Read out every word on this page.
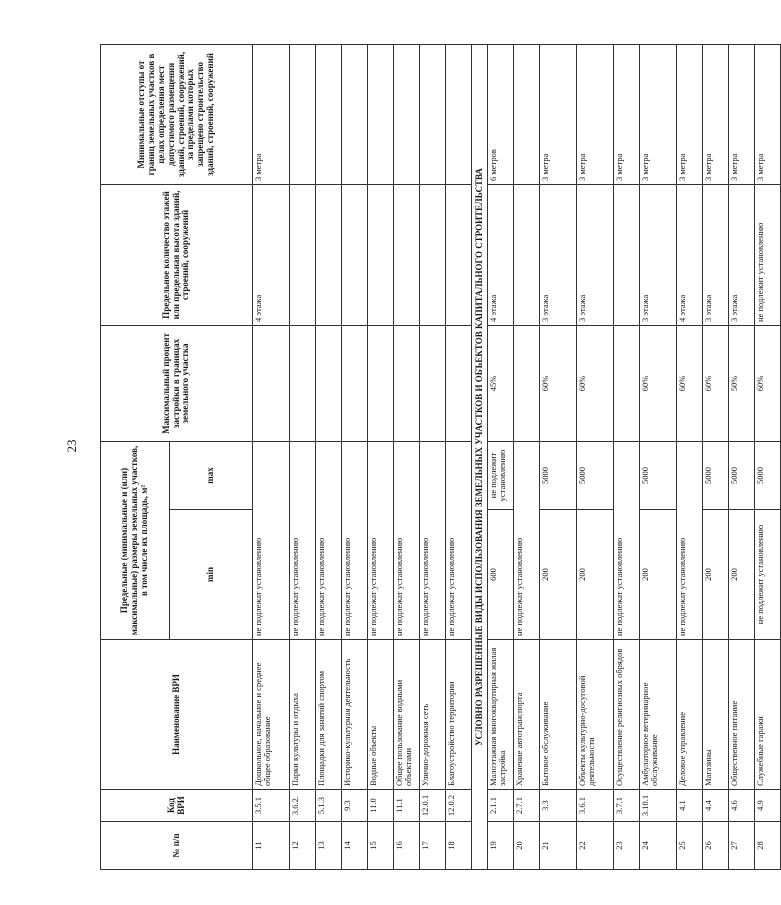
23
№ п/п	Код ВРИ	Наименование ВРИ	Предельные (минимальные и (или) максимальные) размеры земельных участков, в том числе их площадь, м²		Максимальный процент застройки в границах земельного участка	Предельное количество этажей или предельная высота зданий, строений, сооружений	Минимальные отступы от границ земельных участков в целях определения мест допустимого размещения зданий, строений, сооружений, за пределами которых запрещено строительство зданий, строений, сооружений
			min	max			
11	3.5.1	Дошкольное, начальное и среднее общее образование	не подлежат установлению			4 этажа	3 метра
12	3.6.2.	Парки культуры и отдыха	не подлежат установлению				
13	5.1.3	Площадки для занятий спортом	не подлежат установлению				
14	9.3	Историко-культурная деятельность	не подлежат установлению				
15	11.0	Водные объекты	не подлежат установлению				
16	11.1	Общее пользование водными объектами	не подлежат установлению				
17	12.0.1	Улично-дорожная сеть	не подлежат установлению				
18	12.0.2	Благоустройство территории	не подлежат установлению				
УСЛОВНО РАЗРЕШЕННЫЕ ВИДЫ ИСПОЛЬЗОВАНИЯ ЗЕМЕЛЬНЫХ УЧАСТКОВ И ОБЪЕКТОВ КАПИТАЛЬНОГО СТРОИТЕЛЬСТВА							
19	2.1.1	Малоэтажная многоквартирная жилая застройка	600	не подлежит установлению	45%	4 этажа	6 метров
20	2.7.1	Хранение автотранспорта	не подлежат установлению				
21	3.3	Бытовое обслуживание	200	5000	60%	3 этажа	3 метра
22	3.6.1	Объекты культурно-досуговой деятельности	200	5000	60%	3 этажа	3 метра
23	3.7.1	Осуществление религиозных обрядов	не подлежат установлению				3 метра
24	3.10.1	Амбулаторное ветеринарное обслуживание	200	5000	60%	3 этажа	3 метра
25	4.1	Деловое управление	не подлежат установлению		60%	4 этажа	3 метра
26	4.4	Магазины	200	5000	60%	3 этажа	3 метра
27	4.6	Общественное питание	200	5000	50%	3 этажа	3 метра
28	4.9	Служебные гаражи	не подлежит установлению	5000	60%	не подлежит установлению	3 метра
